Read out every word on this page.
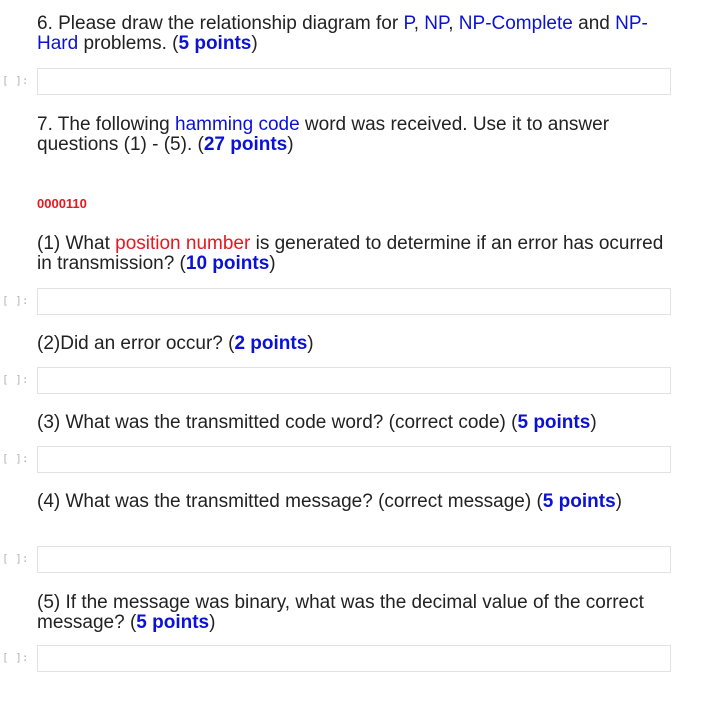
6. Please draw the relationship diagram for P, NP, NP-Complete and NP-Hard problems. (5 points)
[ ]:
7. The following hamming code word was received. Use it to answer questions (1) - (5). (27 points)
0000110
(1) What position number is generated to determine if an error has ocurred in transmission? (10 points)
[ ]:
(2)Did an error occur? (2 points)
[ ]:
(3) What was the transmitted code word? (correct code) (5 points)
[ ]:
(4) What was the transmitted message? (correct message) (5 points)
[ ]:
(5) If the message was binary, what was the decimal value of the correct message? (5 points)
[ ]:
